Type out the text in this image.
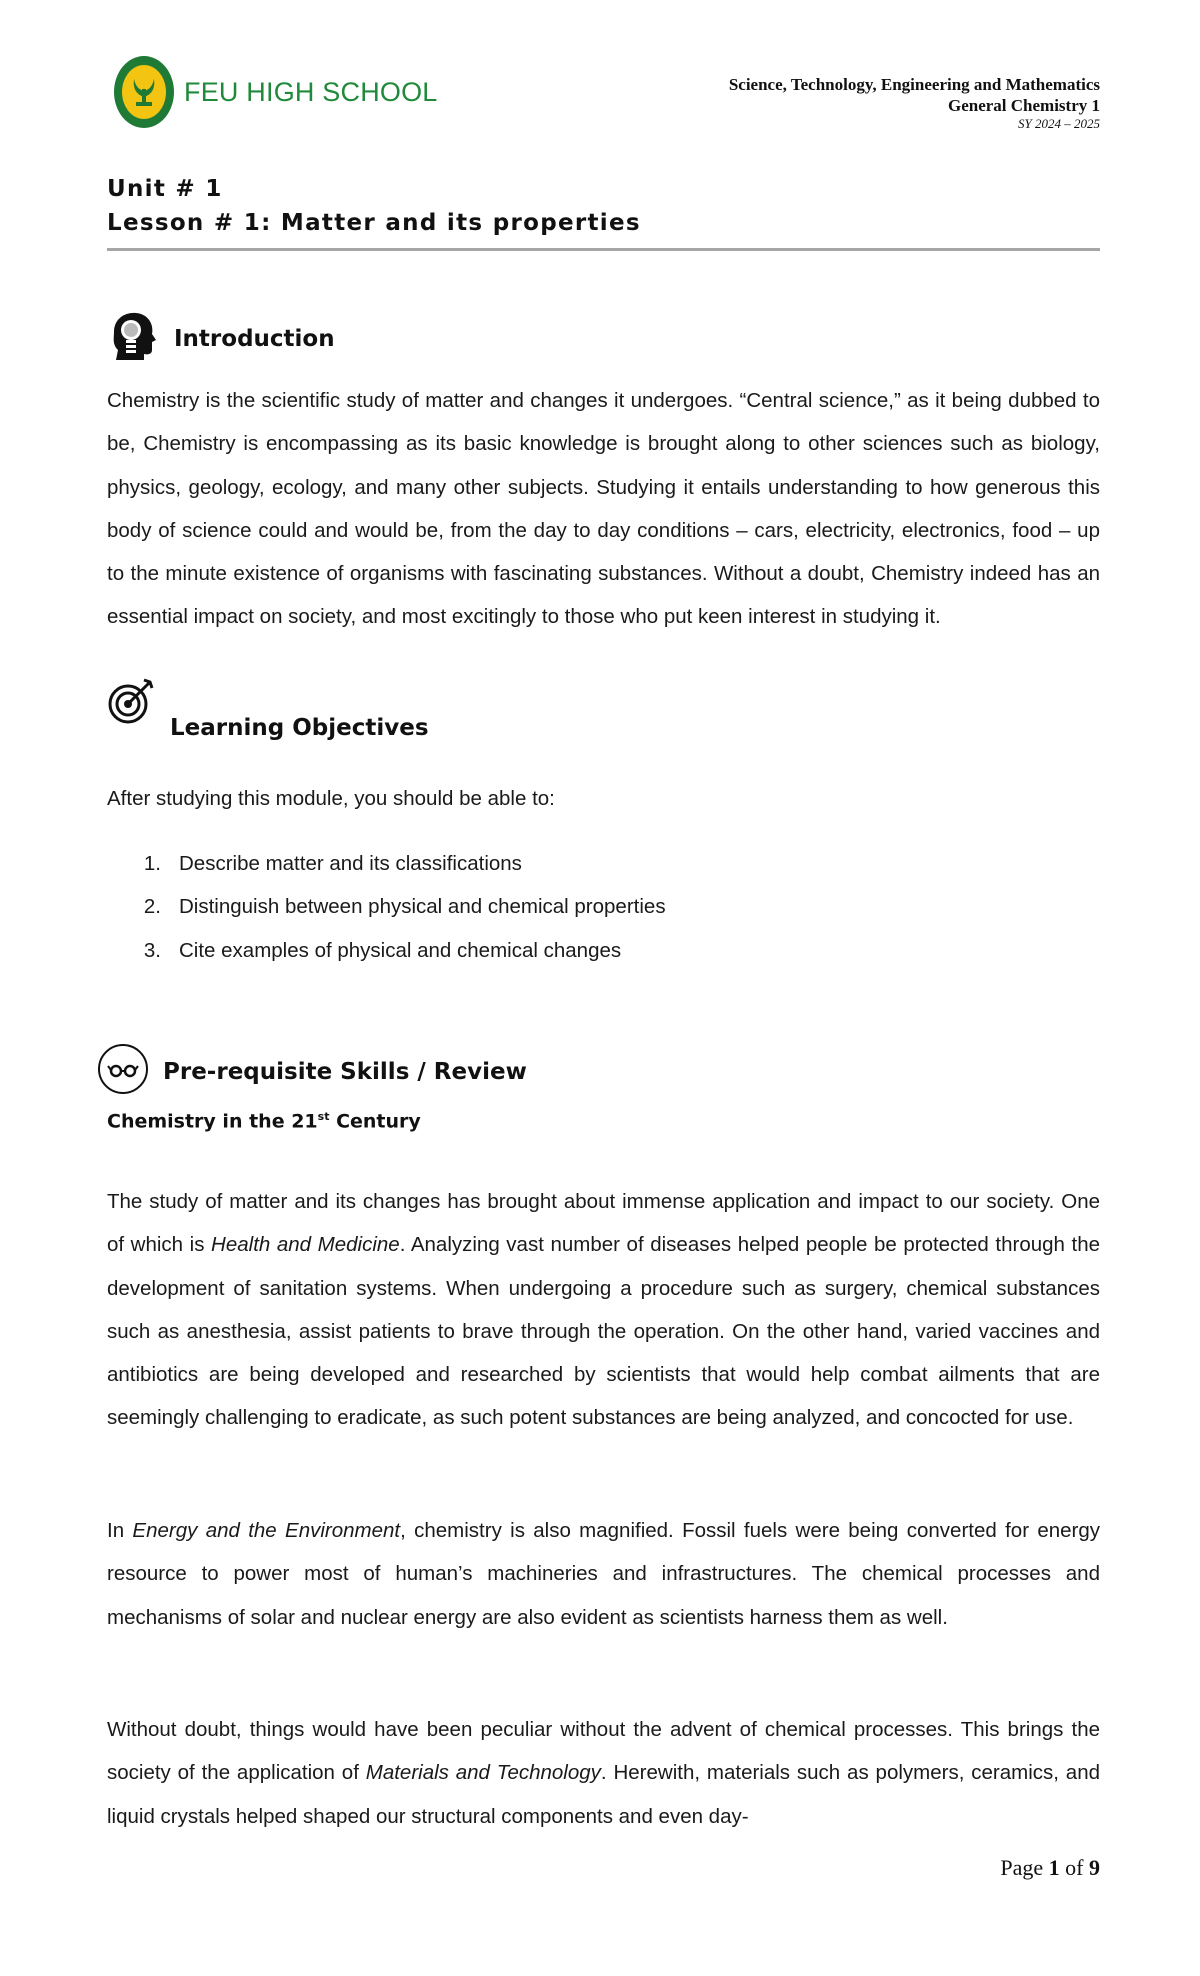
FEU HIGH SCHOOL	Science, Technology, Engineering and Mathematics
General Chemistry 1
SY 2024 – 2025
Unit # 1
Lesson # 1: Matter and its properties
Introduction

Chemistry is the scientific study of matter and changes it undergoes. “Central science,” as it being dubbed to be, Chemistry is encompassing as its basic knowledge is brought along to other sciences such as biology, physics, geology, ecology, and many other subjects. Studying it entails understanding to how generous this body of science could and would be, from the day to day conditions – cars, electricity, electronics, food – up to the minute existence of organisms with fascinating substances. Without a doubt, Chemistry indeed has an essential impact on society, and most excitingly to those who put keen interest in studying it.

Learning Objectives

After studying this module, you should be able to:

1. Describe matter and its classifications
2. Distinguish between physical and chemical properties
3. Cite examples of physical and chemical changes
Pre-requisite Skills / Review
Chemistry in the 21st Century

The study of matter and its changes has brought about immense application and impact to our society. One of which is Health and Medicine. Analyzing vast number of diseases helped people be protected through the development of sanitation systems. When undergoing a procedure such as surgery, chemical substances such as anesthesia, assist patients to brave through the operation. On the other hand, varied vaccines and antibiotics are being developed and researched by scientists that would help combat ailments that are seemingly challenging to eradicate, as such potent substances are being analyzed, and concocted for use.

In Energy and the Environment, chemistry is also magnified. Fossil fuels were being converted for energy resource to power most of human’s machineries and infrastructures. The chemical processes and mechanisms of solar and nuclear energy are also evident as scientists harness them as well.

Without doubt, things would have been peculiar without the advent of chemical processes. This brings the society of the application of Materials and Technology. Herewith, materials such as polymers, ceramics, and liquid crystals helped shaped our structural components and even day-

Page 1 of 9
